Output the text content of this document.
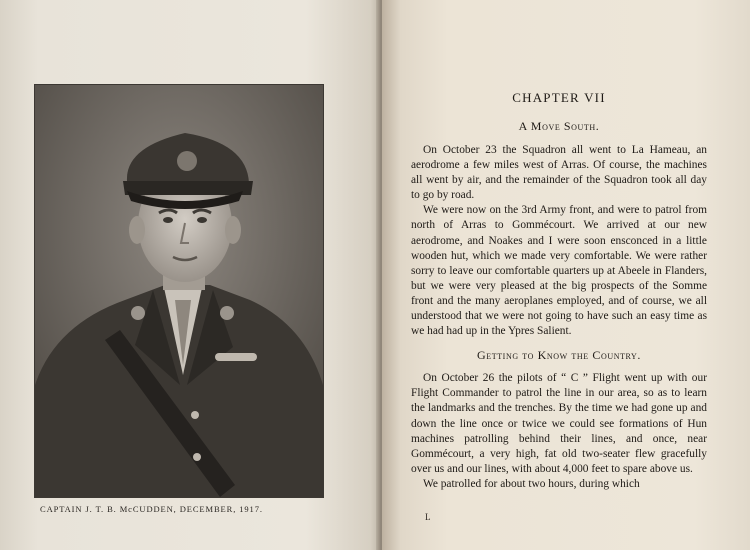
CAPTAIN J. T. B. McCUDDEN, DECEMBER, 1917.
CHAPTER VII
A Move South.

On October 23 the Squadron all went to La Hameau, an aerodrome a few miles west of Arras. Of course, the machines all went by air, and the remainder of the Squadron took all day to go by road.

We were now on the 3rd Army front, and were to patrol from north of Arras to Gommécourt. We arrived at our new aerodrome, and Noakes and I were soon ensconced in a little wooden hut, which we made very comfortable. We were rather sorry to leave our comfortable quarters up at Abeele in Flanders, but we were very pleased at the big prospects of the Somme front and the many aeroplanes employed, and of course, we all understood that we were not going to have such an easy time as we had had up in the Ypres Salient.

Getting to Know the Country.

On October 26 the pilots of “ C ” Flight went up with our Flight Commander to patrol the line in our area, so as to learn the landmarks and the trenches. By the time we had gone up and down the line once or twice we could see formations of Hun machines patrolling behind their lines, and once, near Gommécourt, a very high, fat old two-seater flew gracefully over us and our lines, with about 4,000 feet to spare above us.

We patrolled for about two hours, during which

L
